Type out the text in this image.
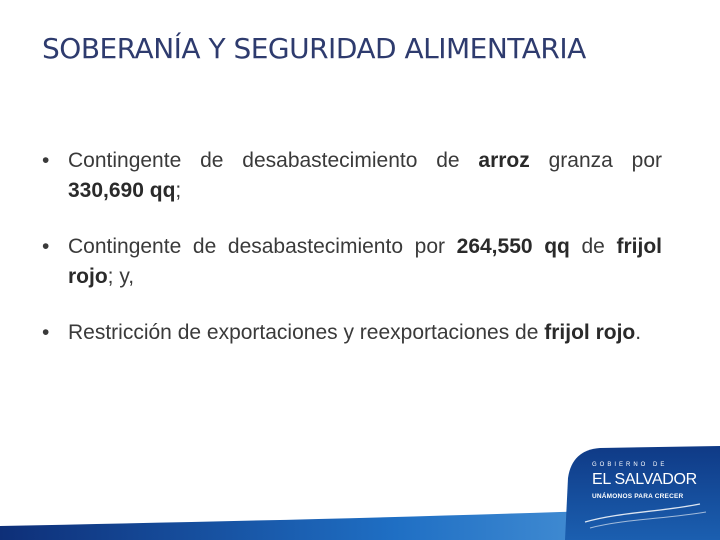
SOBERANÍA Y SEGURIDAD ALIMENTARIA
• Contingente de desabastecimiento de arroz granza por 330,690 qq;
• Contingente de desabastecimiento por 264,550 qq de frijol rojo; y,
• Restricción de exportaciones y reexportaciones de frijol rojo.
GOBIERNO DE
EL SALVADOR
UNÁMONOS PARA CRECER
